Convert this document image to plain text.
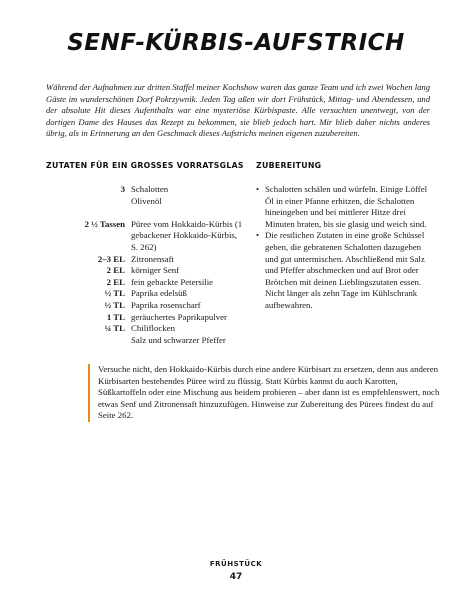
SENF-KÜRBIS-AUFSTRICH

Während der Aufnahmen zur dritten Staffel meiner Kochshow waren das ganze Team und ich zwei Wochen lang Gäste im wunderschönen Dorf Pokrzywnik. Jeden Tag aßen wir dort Frühstück, Mittag- und Abendessen, und der absolute Hit dieses Aufenthalts war eine mysteriöse Kürbispaste. Alle versuchten unentwegt, von der dortigen Dame des Hauses das Rezept zu bekommen, sie blieb jedoch hart. Mir blieb daher nichts anderes übrig, als in Erinnerung an den Geschmack dieses Aufstrichs meinen eigenen zuzubereiten.

ZUTATEN FÜR EIN GROSSES VORRATSGLAS ZUBEREITUNG
3 Schalotten
Olivenöl

2 ½ Tassen Püree vom Hokkaido-Kürbis (1 gebackener Hokkaido-Kürbis, S. 262)
2–3 EL Zitronensaft
2 EL körniger Senf
2 EL fein gehackte Petersilie
½ TL Paprika edelsüß
½ TL Paprika rosenscharf
1 TL geräuchertes Paprikapulver
¼ TL Chiliflocken
Salz und schwarzer Pfeffer
• Schalotten schälen und würfeln. Einige Löffel Öl in einer Pfanne erhitzen, die Schalotten hineingeben und bei mittlerer Hitze drei Minuten braten, bis sie glasig und weich sind.
• Die restlichen Zutaten in eine große Schüssel geben, die gebratenen Schalotten dazugeben und gut untermischen. Abschließend mit Salz und Pfeffer abschmecken und auf Brot oder Brötchen mit deinen Lieblingszutaten essen. Nicht länger als zehn Tage im Kühlschrank aufbewahren.

Versuche nicht, den Hokkaido-Kürbis durch eine andere Kürbisart zu ersetzen, denn aus anderen Kürbisarten bestehendes Püree wird zu flüssig. Statt Kürbis kannst du auch Karotten, Süßkartoffeln oder eine Mischung aus beidem probieren – aber dann ist es empfehlenswert, noch etwas Senf und Zitronensaft hinzuzufügen. Hinweise zur Zubereitung des Pürees findest du auf Seite 262.

FRÜHSTÜCK
47
